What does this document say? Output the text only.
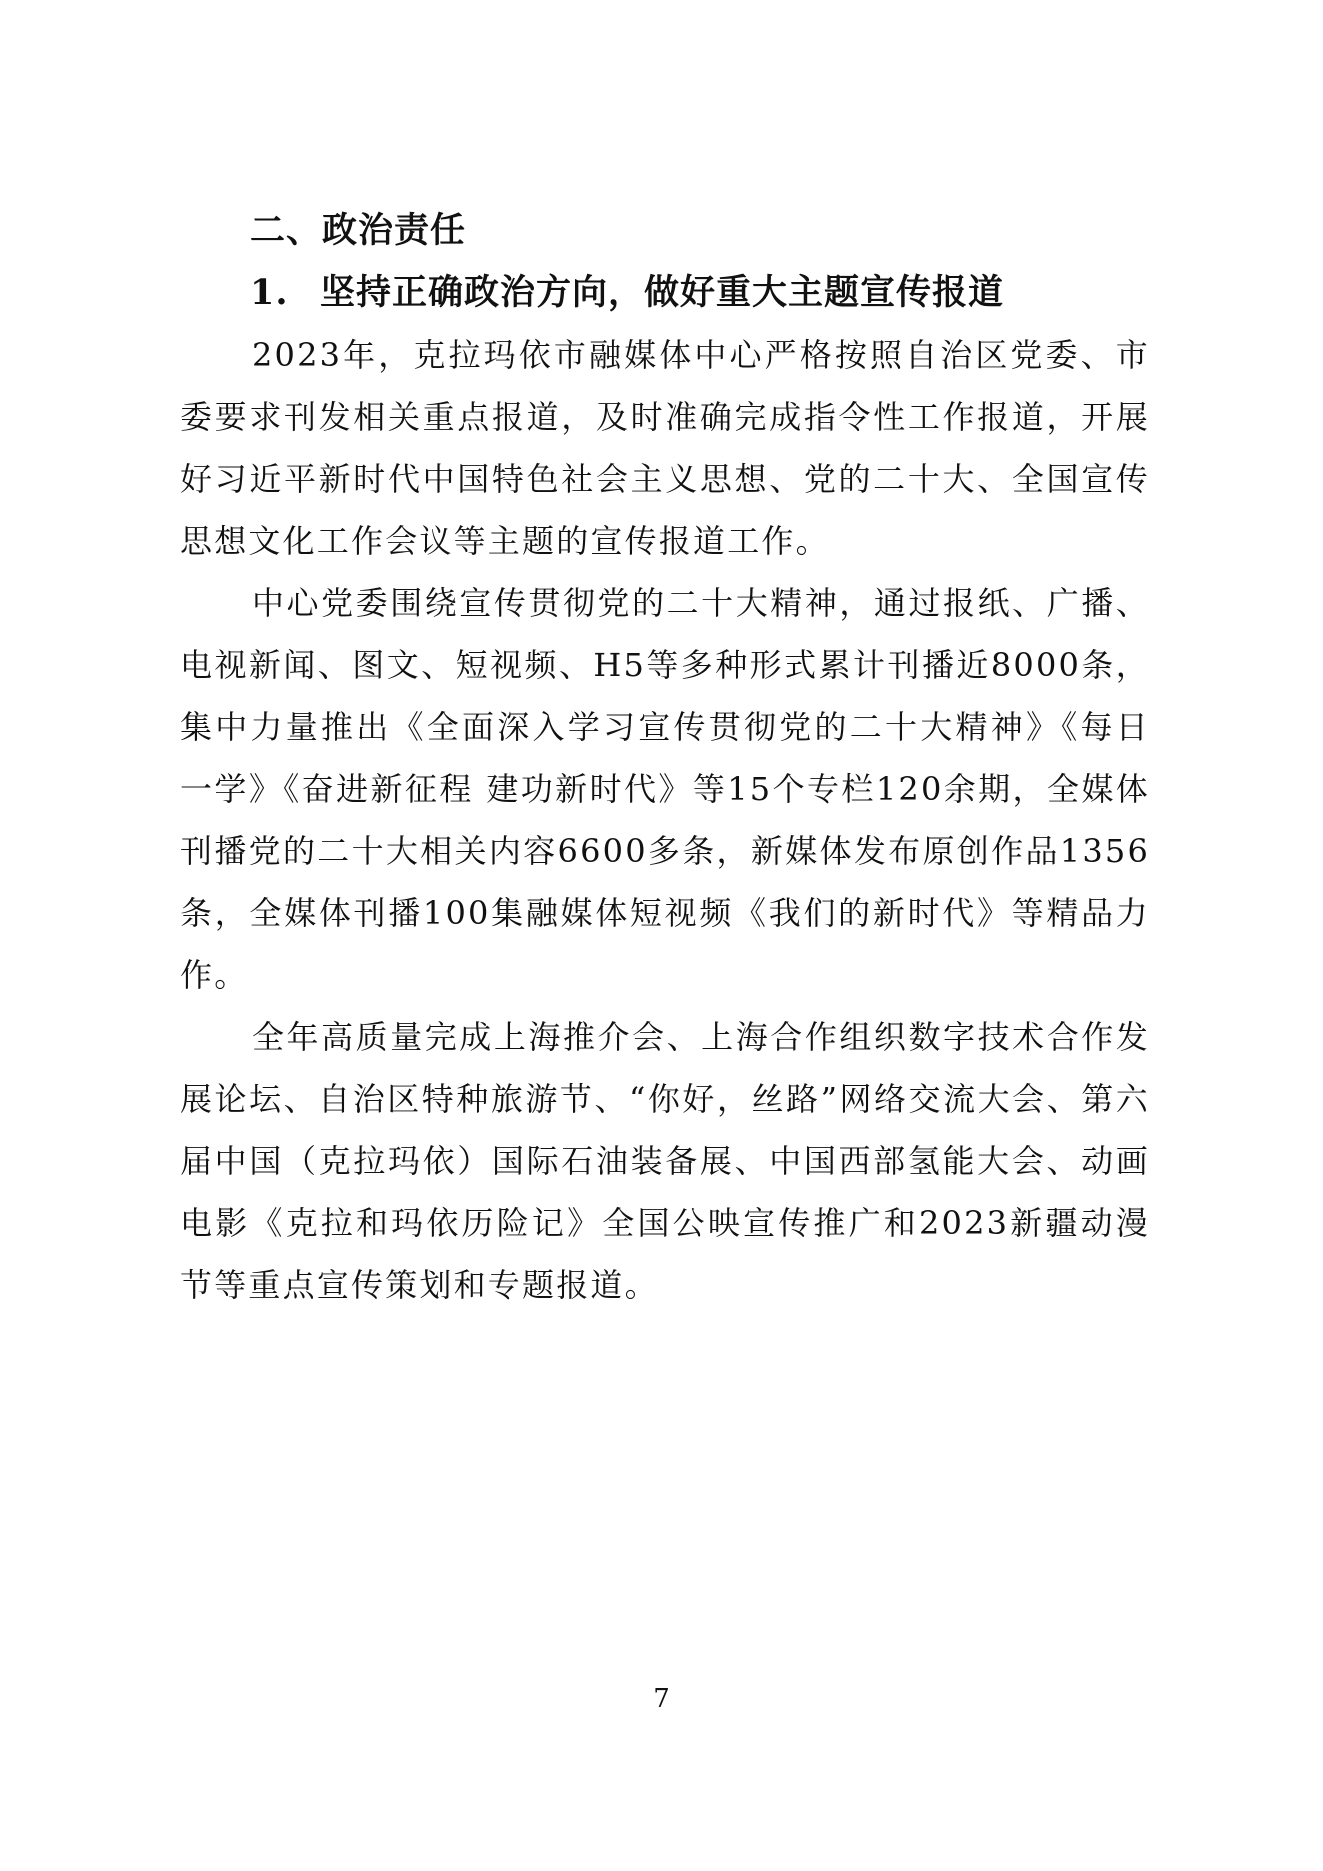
二、政治责任
1. 坚持正确政治方向，做好重大主题宣传报道

2023年，克拉玛依市融媒体中心严格按照自治区党委、市委要求刊发相关重点报道，及时准确完成指令性工作报道，开展好习近平新时代中国特色社会主义思想、党的二十大、全国宣传思想文化工作会议等主题的宣传报道工作。

中心党委围绕宣传贯彻党的二十大精神，通过报纸、广播、电视新闻、图文、短视频、H5等多种形式累计刊播近8000条，集中力量推出《全面深入学习宣传贯彻党的二十大精神》《每日一学》《奋进新征程 建功新时代》等15个专栏120余期，全媒体刊播党的二十大相关内容6600多条，新媒体发布原创作品1356条，全媒体刊播100集融媒体短视频《我们的新时代》等精品力作。

全年高质量完成上海推介会、上海合作组织数字技术合作发展论坛、自治区特种旅游节、“你好，丝路”网络交流大会、第六届中国（克拉玛依）国际石油装备展、中国西部氢能大会、动画电影《克拉和玛依历险记》全国公映宣传推广和2023新疆动漫节等重点宣传策划和专题报道。

7
